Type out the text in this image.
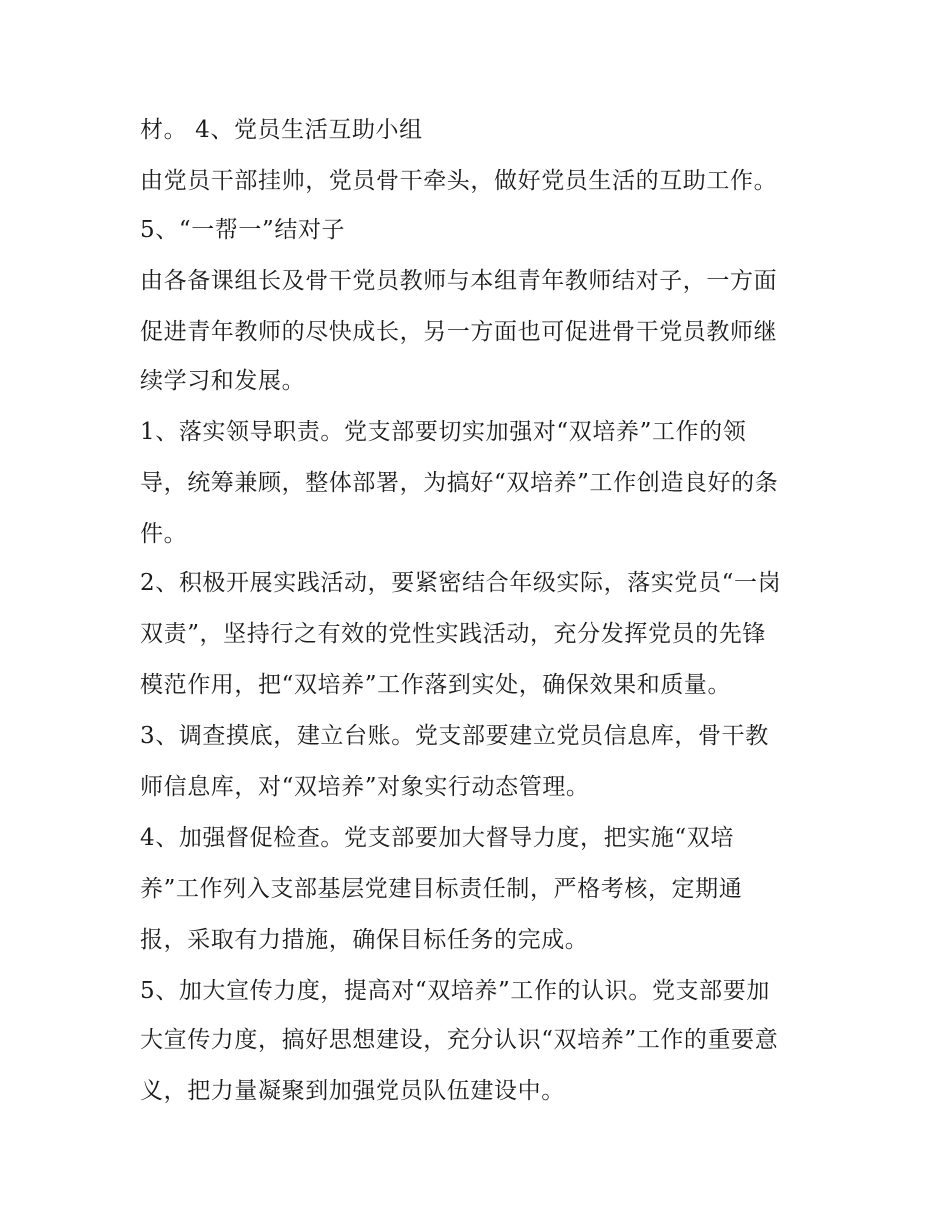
材。 4、党员生活互助小组
由党员干部挂帅，党员骨干牵头，做好党员生活的互助工作。
5、“一帮一”结对子
由各备课组长及骨干党员教师与本组青年教师结对子，一方面
促进青年教师的尽快成长，另一方面也可促进骨干党员教师继
续学习和发展。
1、落实领导职责。党支部要切实加强对“双培养”工作的领
导，统筹兼顾，整体部署，为搞好“双培养”工作创造良好的条
件。
2、积极开展实践活动，要紧密结合年级实际，落实党员“一岗
双责”，坚持行之有效的党性实践活动，充分发挥党员的先锋
模范作用，把“双培养”工作落到实处，确保效果和质量。
3、调查摸底，建立台账。党支部要建立党员信息库，骨干教
师信息库，对“双培养”对象实行动态管理。
4、加强督促检查。党支部要加大督导力度，把实施“双培
养”工作列入支部基层党建目标责任制，严格考核，定期通
报，采取有力措施，确保目标任务的完成。
5、加大宣传力度，提高对“双培养”工作的认识。党支部要加
大宣传力度，搞好思想建设，充分认识“双培养”工作的重要意
义，把力量凝聚到加强党员队伍建设中。
